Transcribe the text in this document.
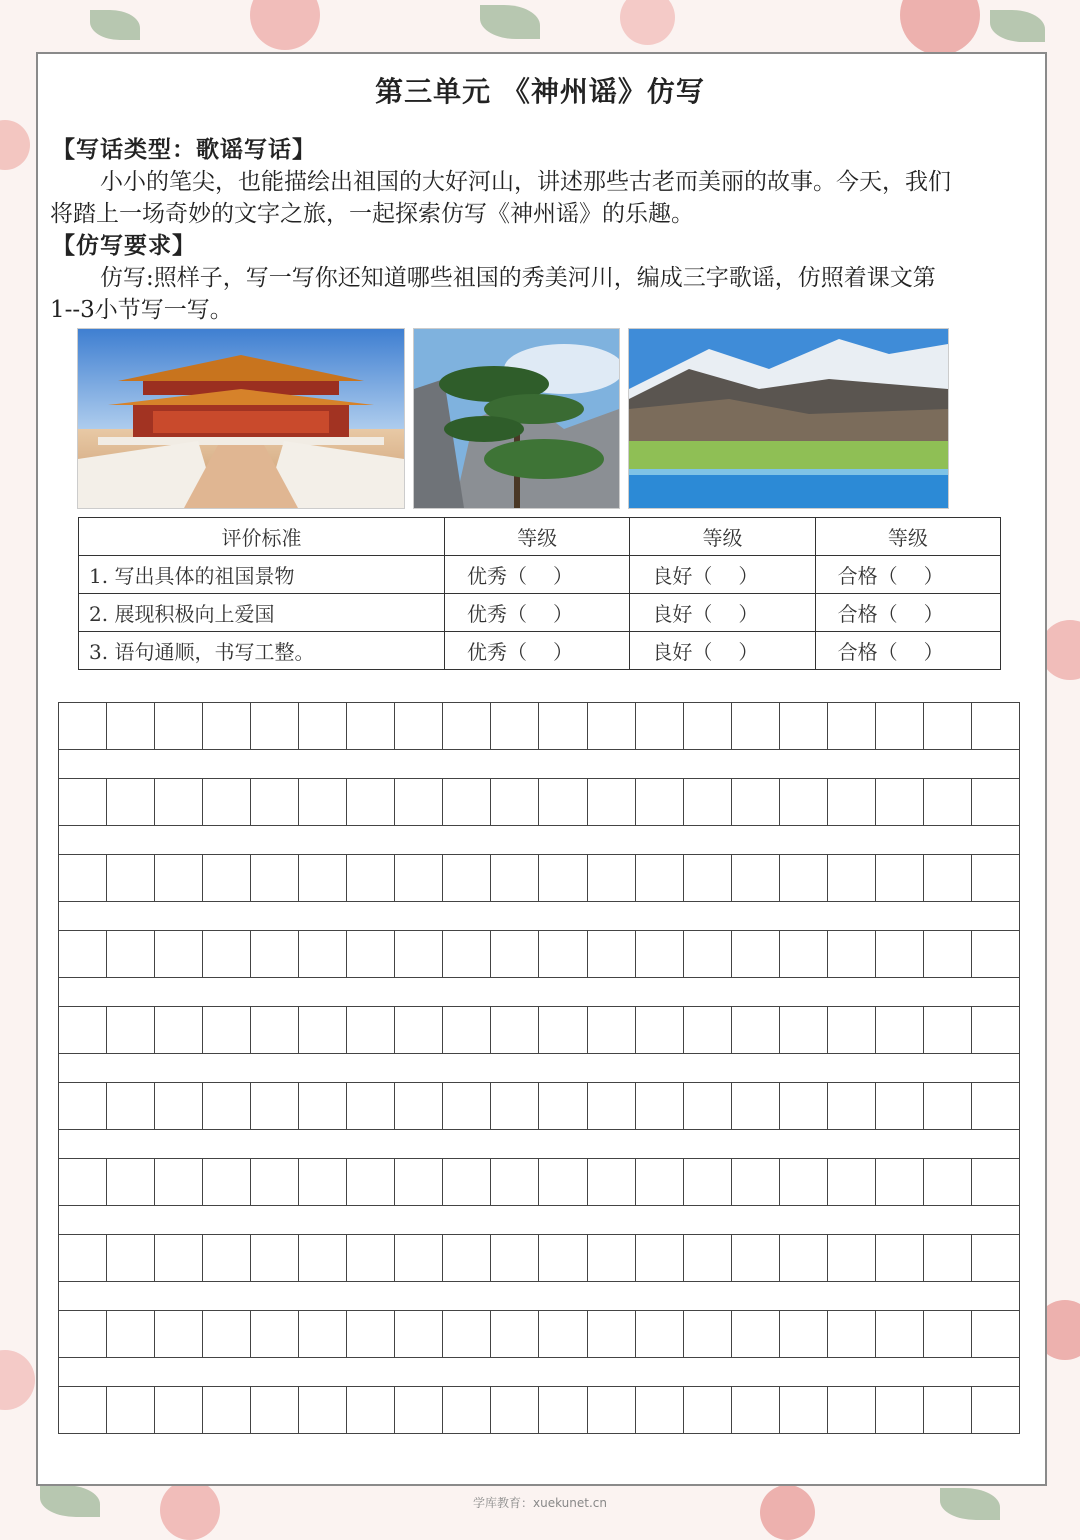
第三单元 《神州谣》仿写
【写话类型：歌谣写话】
小小的笔尖，也能描绘出祖国的大好河山，讲述那些古老而美丽的故事。今天，我们
将踏上一场奇妙的文字之旅，一起探索仿写《神州谣》的乐趣。
【仿写要求】
仿写:照样子，写一写你还知道哪些祖国的秀美河川，编成三字歌谣，仿照着课文第
1--3小节写一写。
评价标准	等级	等级	等级
1. 写出具体的祖国景物	优秀（ ）	良好（ ）	合格（ ）
2. 展现积极向上爱国	优秀（ ）	良好（ ）	合格（ ）
3. 语句通顺，书写工整。	优秀（ ）	良好（ ）	合格（ ）
学库教育：xuekunet.cn
